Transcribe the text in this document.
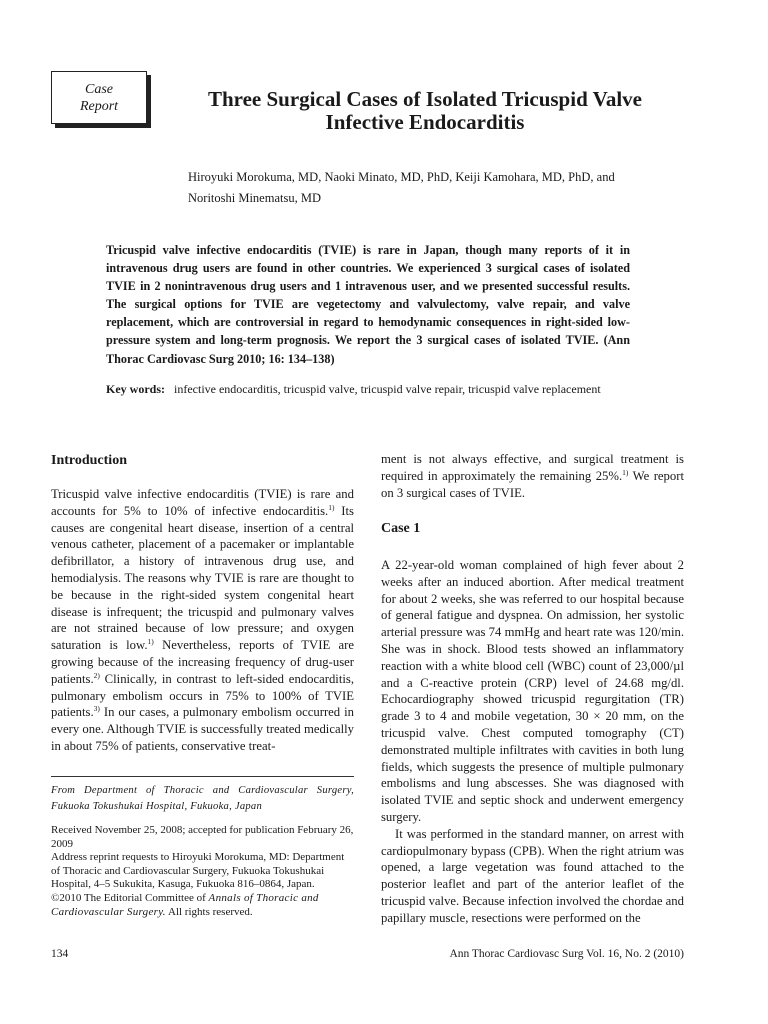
Case
Report	Three Surgical Cases of Isolated Tricuspid Valve
Infective Endocarditis
Hiroyuki Morokuma, MD, Naoki Minato, MD, PhD, Keiji Kamohara, MD, PhD, and
Noritoshi Minematsu, MD
Tricuspid valve infective endocarditis (TVIE) is rare in Japan, though many reports of it in intravenous drug users are found in other countries. We experienced 3 surgical cases of isolated TVIE in 2 nonintravenous drug users and 1 intravenous user, and we presented successful results. The surgical options for TVIE are vegetectomy and valvulectomy, valve repair, and valve replacement, which are controversial in regard to hemodynamic consequences in right-sided low-pressure system and long-term prognosis. We report the 3 surgical cases of isolated TVIE. (Ann Thorac Cardiovasc Surg 2010; 16: 134–138)
Key words: infective endocarditis, tricuspid valve, tricuspid valve repair, tricuspid valve replacement
Introduction

Tricuspid valve infective endocarditis (TVIE) is rare and accounts for 5% to 10% of infective endocarditis.$^{1)}$ Its causes are congenital heart disease, insertion of a central venous catheter, placement of a pacemaker or implantable defibrillator, a history of intravenous drug use, and hemodialysis. The reasons why TVIE is rare are thought to be because in the right-sided system congenital heart disease is infrequent; the tricuspid and pulmonary valves are not strained because of low pressure; and oxygen saturation is low.$^{1)}$ Nevertheless, reports of TVIE are growing because of the increasing frequency of drug-user patients.$^{2)}$ Clinically, in contrast to left-sided endocarditis, pulmonary embolism occurs in 75% to 100% of TVIE patients.$^{3)}$ In our cases, a pulmonary embolism occurred in every one. Although TVIE is successfully treated medically in about 75% of patients, conservative treat-

ment is not always effective, and surgical treatment is required in approximately the remaining 25%.$^{1)}$ We report on 3 surgical cases of TVIE.

A 22-year-old woman complained of high fever about 2 weeks after an induced abortion. After medical treatment for about 2 weeks, she was referred to our hospital because of general fatigue and dyspnea. On admission, her systolic arterial pressure was 74 mmHg and heart rate was 120/min. She was in shock. Blood tests showed an inflammatory reaction with a white blood cell (WBC) count of 23,000/µl and a C-reactive protein (CRP) level of 24.68 mg/dl. Echocardiography showed tricuspid regurgitation (TR) grade 3 to 4 and mobile vegetation, 30 × 20 mm, on the tricuspid valve. Chest computed tomography (CT) demonstrated multiple infiltrates with cavities in both lung fields, which suggests the presence of multiple pulmonary embolisms and lung abscesses. She was diagnosed with isolated TVIE and septic shock and underwent emergency surgery.

It was performed in the standard manner, on arrest with cardiopulmonary bypass (CPB). When the right atrium was opened, a large vegetation was found attached to the posterior leaflet and part of the anterior leaflet of the tricuspid valve. Because infection involved the chordae and papillary muscle, resections were performed on the

Case 1
From Department of Thoracic and Cardiovascular Surgery, Fukuoka Tokushukai Hospital, Fukuoka, Japan

Received November 25, 2008; accepted for publication February 26, 2009

Address reprint requests to Hiroyuki Morokuma, MD: Department of Thoracic and Cardiovascular Surgery, Fukuoka Tokushukai Hospital, 4–5 Sukukita, Kasuga, Fukuoka 816–0864, Japan.

©2010 The Editorial Committee of Annals of Thoracic and Cardiovascular Surgery. All rights reserved.

134	Ann Thorac Cardiovasc Surg Vol. 16, No. 2 (2010)
